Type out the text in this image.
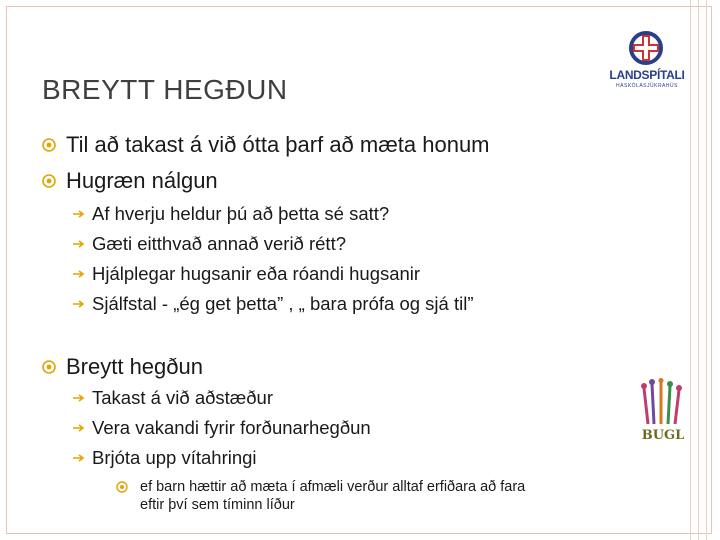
BREYTT HEGÐUN	LANDSPÍTALI
HÁSKÓLASJÚKRAHÚS
BUGL
Til að takast á við ótta þarf að mæta honum
Hugræn nálgun
Af hverju heldur þú að þetta sé satt?
Gæti eitthvað annað verið rétt?
Hjálplegar hugsanir eða róandi hugsanir
Sjálfstal - „ég get þetta” , „ bara prófa og sjá til”
Breytt hegðun
Takast á við aðstæður
Vera vakandi fyrir forðunarhegðun
Brjóta upp vítahringi
ef barn hættir að mæta í afmæli verður alltaf erfiðara að fara
eftir því sem tíminn líður
